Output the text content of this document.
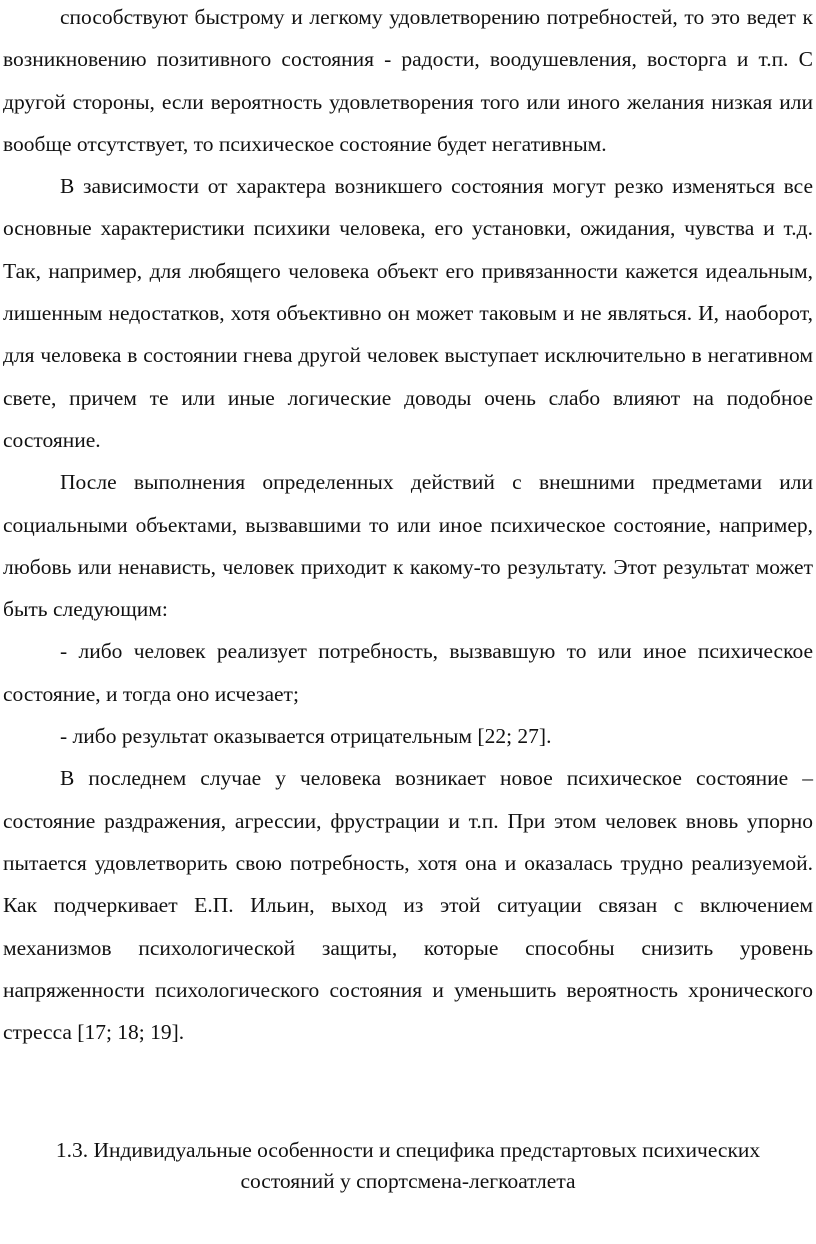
способствуют быстрому и легкому удовлетворению потребностей, то это ведет к возникновению позитивного состояния - радости, воодушевления, восторга и т.п. С другой стороны, если вероятность удовлетворения того или иного желания низкая или вообще отсутствует, то психическое состояние будет негативным.

В зависимости от характера возникшего состояния могут резко изменяться все основные характеристики психики человека, его установки, ожидания, чувства и т.д. Так, например, для любящего человека объект его привязанности кажется идеальным, лишенным недостатков, хотя объективно он может таковым и не являться. И, наоборот, для человека в состоянии гнева другой человек выступает исключительно в негативном свете, причем те или иные логические доводы очень слабо влияют на подобное состояние.

После выполнения определенных действий с внешними предметами или социальными объектами, вызвавшими то или иное психическое состояние, например, любовь или ненависть, человек приходит к какому-то результату. Этот результат может быть следующим:

- либо человек реализует потребность, вызвавшую то или иное психическое состояние, и тогда оно исчезает;

- либо результат оказывается отрицательным [22; 27].

В последнем случае у человека возникает новое психическое состояние – состояние раздражения, агрессии, фрустрации и т.п. При этом человек вновь упорно пытается удовлетворить свою потребность, хотя она и оказалась трудно реализуемой. Как подчеркивает Е.П. Ильин, выход из этой ситуации связан с включением механизмов психологической защиты, которые способны снизить уровень напряженности психологического состояния и уменьшить вероятность хронического стресса [17; 18; 19].

1.3. Индивидуальные особенности и специфика предстартовых психических
состояний у спортсмена-легкоатлета
